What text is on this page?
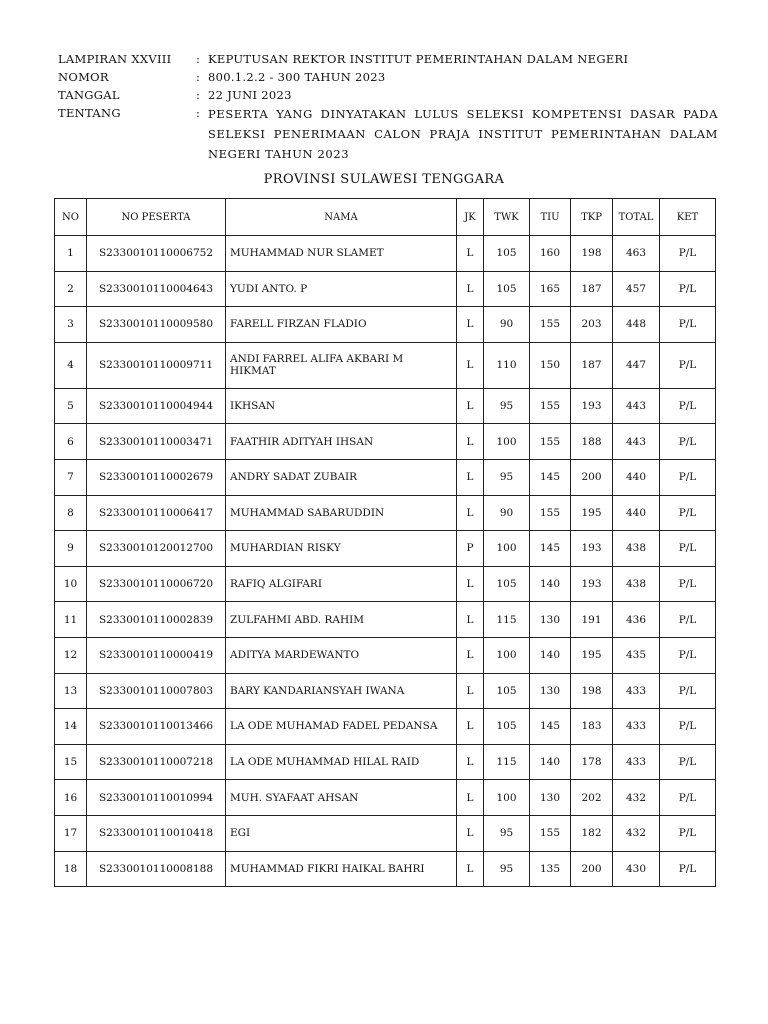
LAMPIRAN XXVIII	: KEPUTUSAN REKTOR INSTITUT PEMERINTAHAN DALAM NEGERI
NOMOR	: 800.1.2.2 - 300 TAHUN 2023
TANGGAL	: 22 JUNI 2023
TENTANG	: PESERTA YANG DINYATAKAN LULUS SELEKSI KOMPETENSI DASAR PADA SELEKSI PENERIMAAN CALON PRAJA INSTITUT PEMERINTAHAN DALAM NEGERI TAHUN 2023
PROVINSI SULAWESI TENGGARA
NO	NO PESERTA	NAMA	JK	TWK	TIU	TKP	TOTAL	KET
1	S2330010110006752	MUHAMMAD NUR SLAMET	L	105	160	198	463	P/L
2	S2330010110004643	YUDI ANTO. P	L	105	165	187	457	P/L
3	S2330010110009580	FARELL FIRZAN FLADIO	L	90	155	203	448	P/L
4	S2330010110009711	ANDI FARREL ALIFA AKBARI M HIKMAT	L	110	150	187	447	P/L
5	S2330010110004944	IKHSAN	L	95	155	193	443	P/L
6	S2330010110003471	FAATHIR ADITYAH IHSAN	L	100	155	188	443	P/L
7	S2330010110002679	ANDRY SADAT ZUBAIR	L	95	145	200	440	P/L
8	S2330010110006417	MUHAMMAD SABARUDDIN	L	90	155	195	440	P/L
9	S2330010120012700	MUHARDIAN RISKY	P	100	145	193	438	P/L
10	S2330010110006720	RAFIQ ALGIFARI	L	105	140	193	438	P/L
11	S2330010110002839	ZULFAHMI ABD. RAHIM	L	115	130	191	436	P/L
12	S2330010110000419	ADITYA MARDEWANTO	L	100	140	195	435	P/L
13	S2330010110007803	BARY KANDARIANSYAH IWANA	L	105	130	198	433	P/L
14	S2330010110013466	LA ODE MUHAMAD FADEL PEDANSA	L	105	145	183	433	P/L
15	S2330010110007218	LA ODE MUHAMMAD HILAL RAID	L	115	140	178	433	P/L
16	S2330010110010994	MUH. SYAFAAT AHSAN	L	100	130	202	432	P/L
17	S2330010110010418	EGI	L	95	155	182	432	P/L
18	S2330010110008188	MUHAMMAD FIKRI HAIKAL BAHRI	L	95	135	200	430	P/L
